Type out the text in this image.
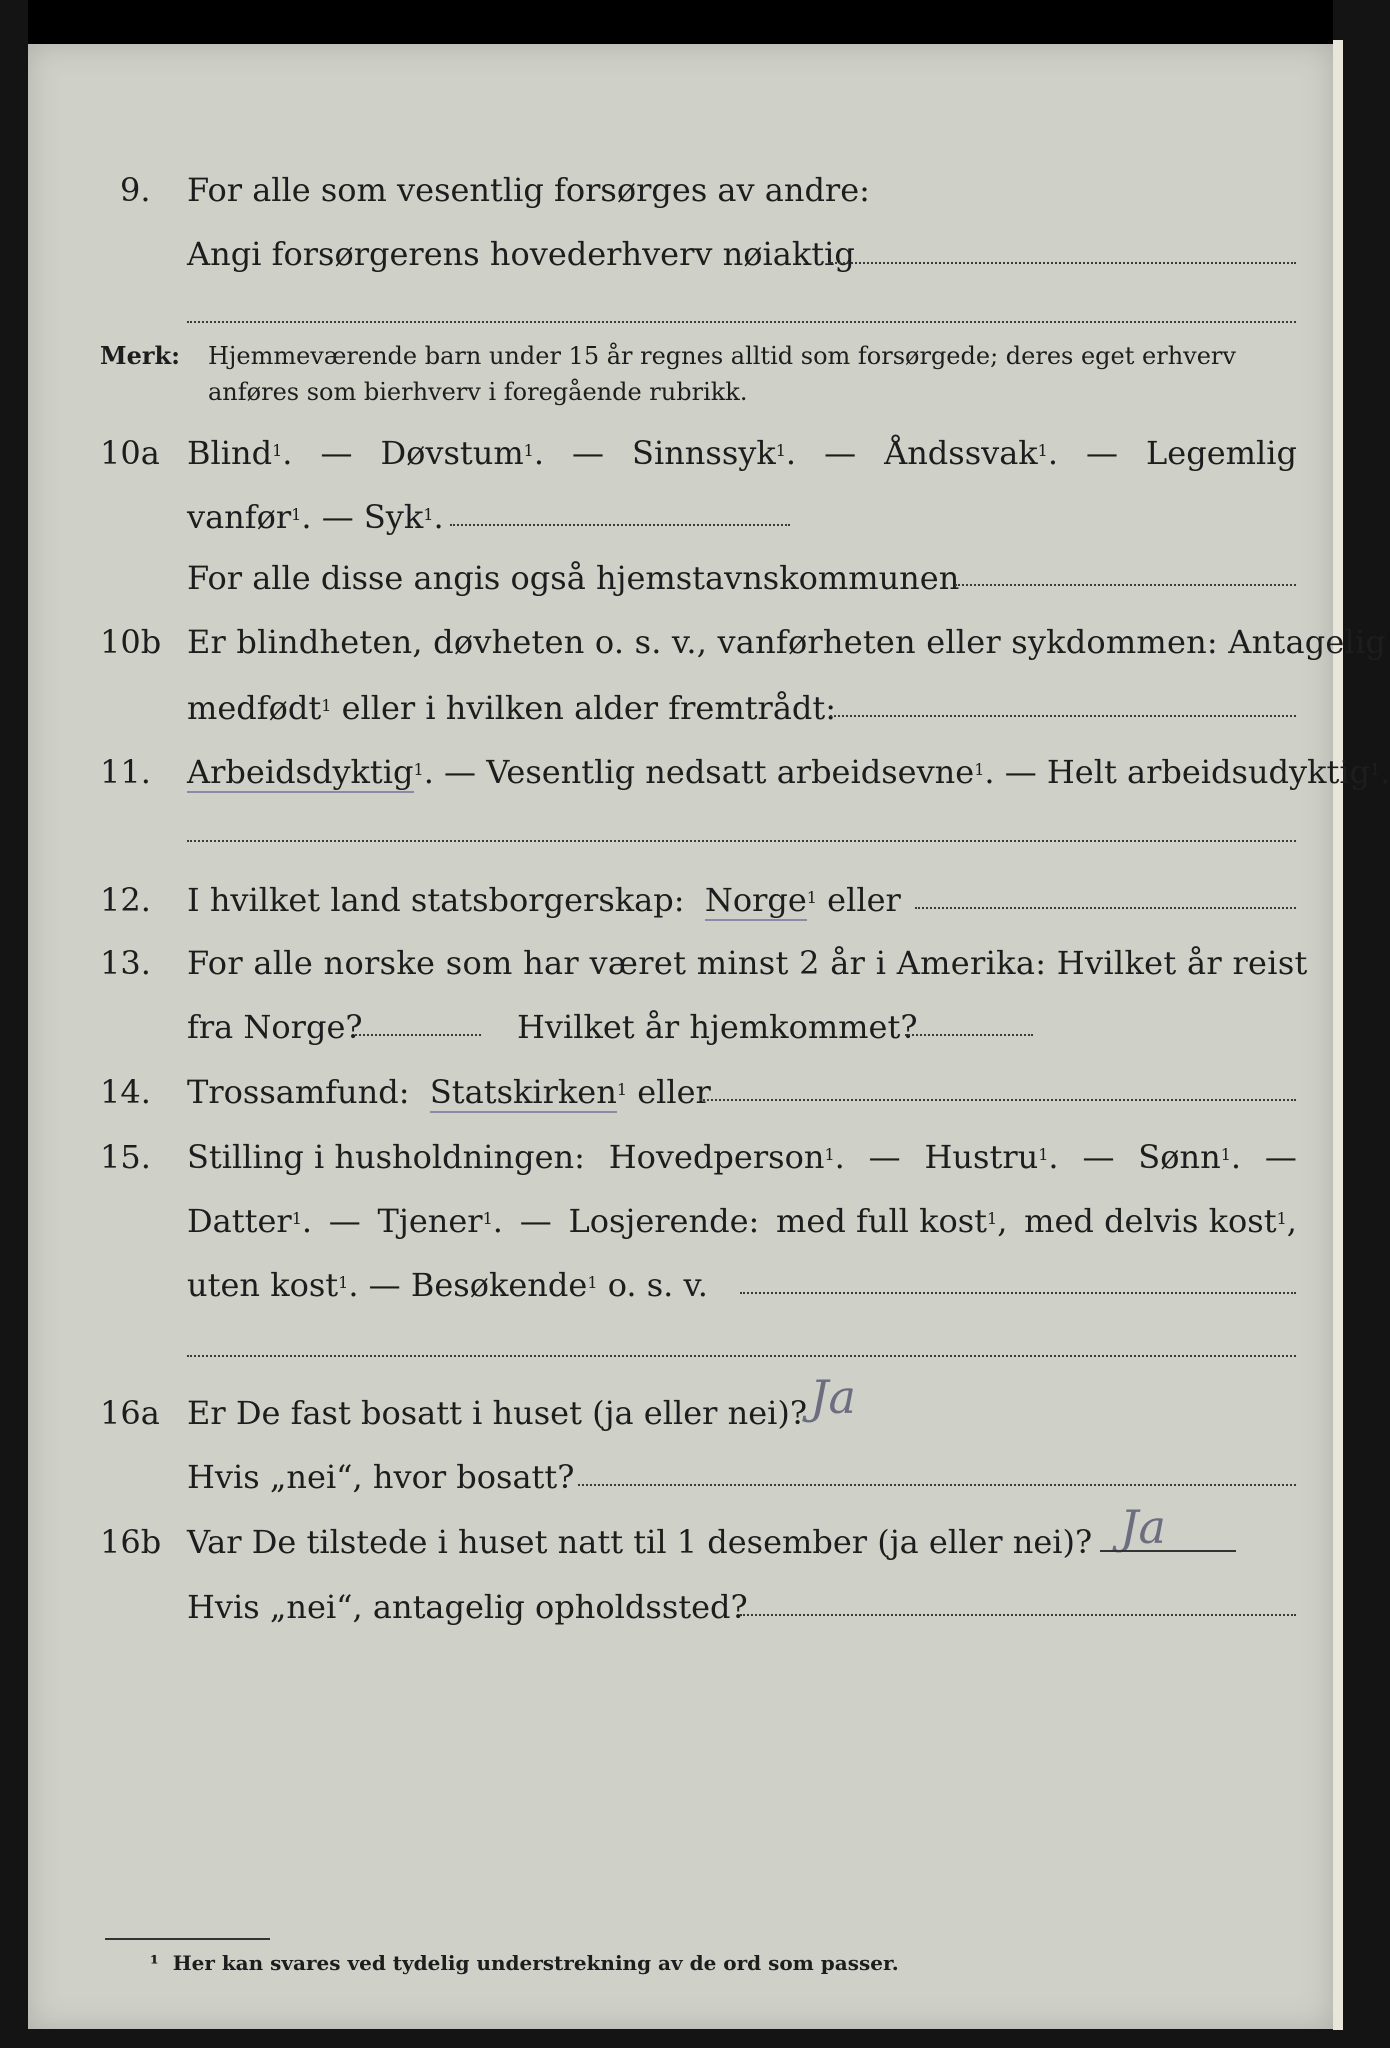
9. For alle som vesentlig forsørges av andre:
Angi forsørgerens hovederhverv nøiaktig
Merk: Hjemmeværende barn under 15 år regnes alltid som forsørgede; deres eget erhverv
anføres som bierhverv i foregående rubrikk.
10a Blind$^1$. — Døvstum$^1$. — Sinnssyk$^1$. — Åndssvak$^1$. — Legemlig
vanfør$^1$. — Syk$^1$.
For alle disse angis også hjemstavnskommunen
10b Er blindheten, døvheten o. s. v., vanførheten eller sykdommen: Antagelig
medfødt$^1$ eller i hvilken alder fremtrådt:
11. Arbeidsdyktig$^1$. — Vesentlig nedsatt arbeidsevne$^1$. — Helt arbeidsudyktig$^1$.
12. I hvilket land statsborgerskap: Norge$^1$ eller
13. For alle norske som har været minst 2 år i Amerika: Hvilket år reist
fra Norge?	Hvilket år hjemkommet?
14. Trossamfund: Statskirken$^1$ eller
15. Stilling i husholdningen: Hovedperson$^1$. — Hustru$^1$. — Sønn$^1$. —
Datter$^1$. — Tjener$^1$. — Losjerende: med full kost$^1$, med delvis kost$^1$,
uten kost$^1$. — Besøkende$^1$ o. s. v.
16a Er De fast bosatt i huset (ja eller nei)? Ja
Hvis „nei“, hvor bosatt?
16b Var De tilstede i huset natt til 1 desember (ja eller nei)? Ja
Hvis „nei“, antagelig opholdssted?
¹ Her kan svares ved tydelig understrekning av de ord som passer.
